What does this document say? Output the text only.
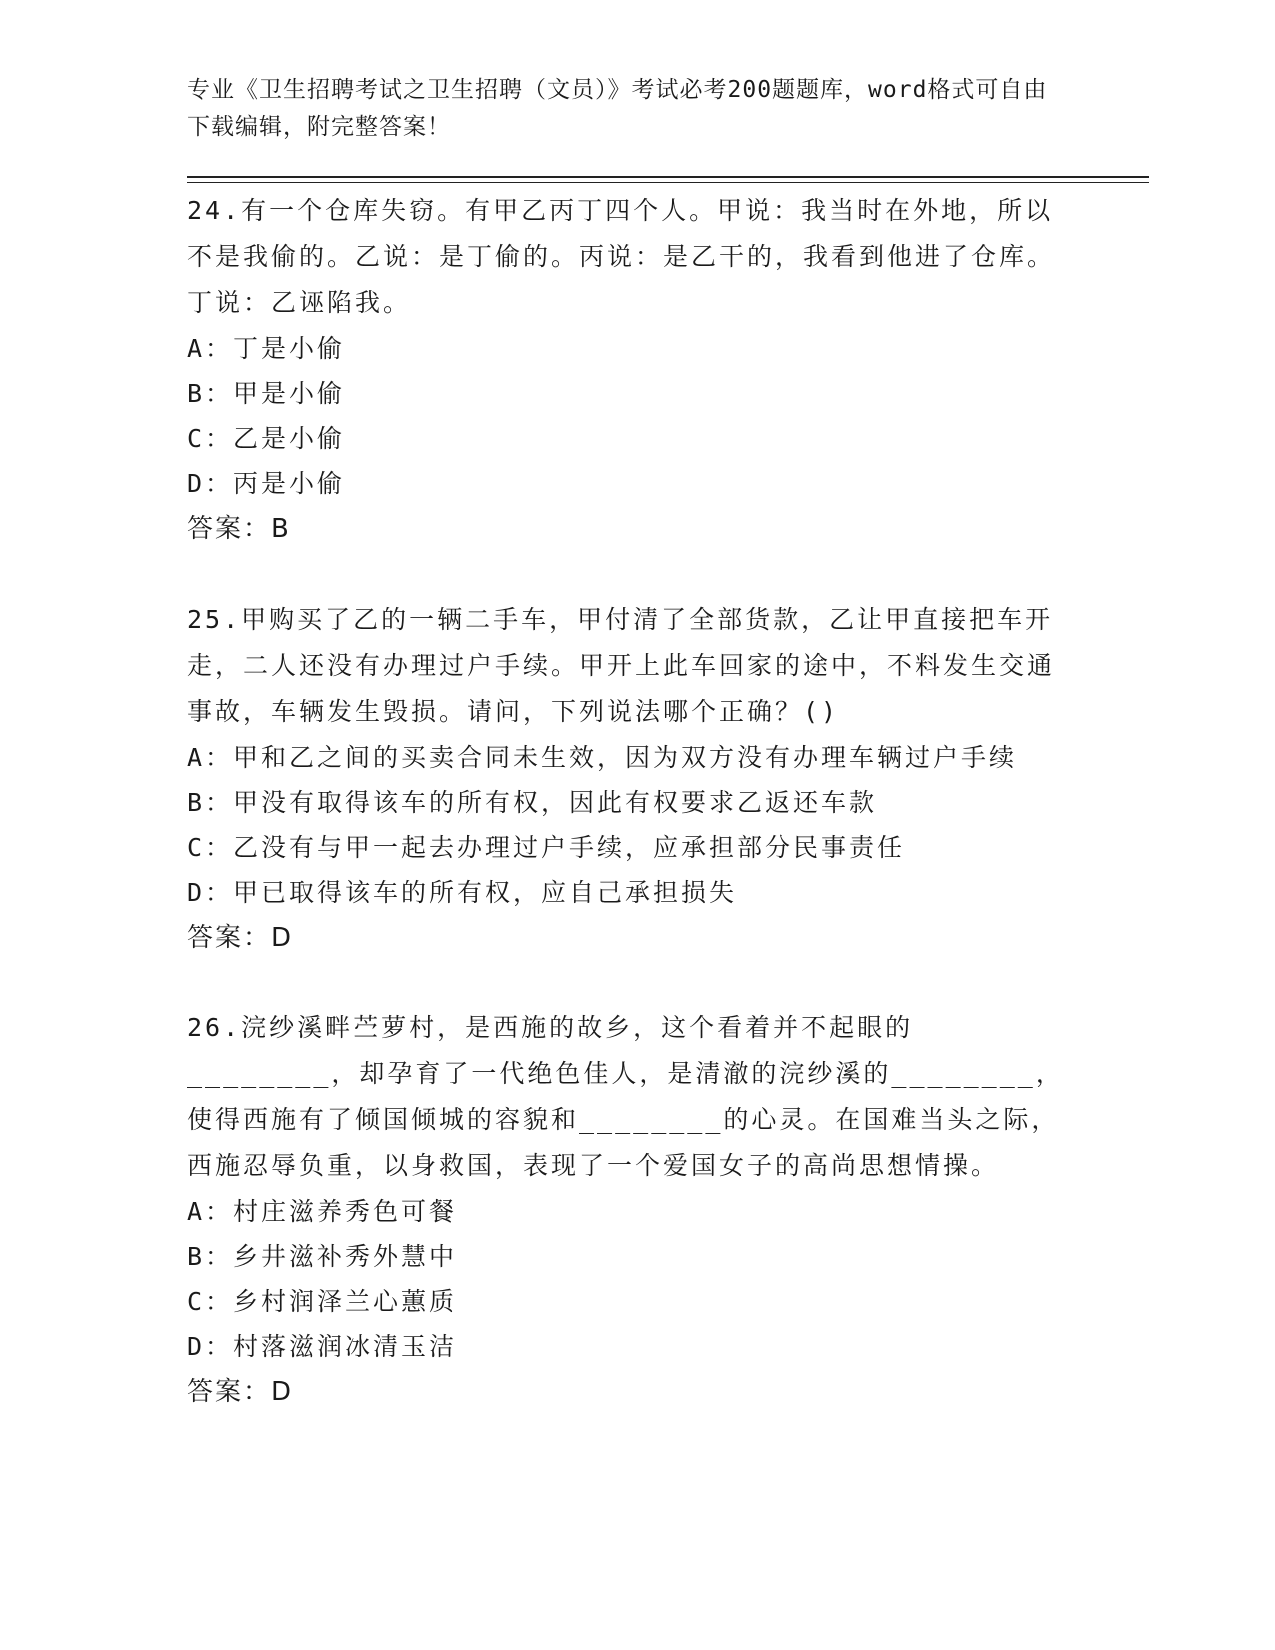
专业《卫生招聘考试之卫生招聘（文员）》考试必考200题题库，word格式可自由下载编辑，附完整答案！

24.有一个仓库失窃。有甲乙丙丁四个人。甲说：我当时在外地，所以不是我偷的。乙说：是丁偷的。丙说：是乙干的，我看到他进了仓库。丁说：乙诬陷我。

A：丁是小偷

B：甲是小偷

C：乙是小偷

D：丙是小偷

答案：B

25.甲购买了乙的一辆二手车，甲付清了全部货款，乙让甲直接把车开走，二人还没有办理过户手续。甲开上此车回家的途中，不料发生交通事故，车辆发生毁损。请问，下列说法哪个正确？()

A：甲和乙之间的买卖合同未生效，因为双方没有办理车辆过户手续

B：甲没有取得该车的所有权，因此有权要求乙返还车款

C：乙没有与甲一起去办理过户手续，应承担部分民事责任

D：甲已取得该车的所有权，应自己承担损失

答案：D

26.浣纱溪畔苎萝村，是西施的故乡，这个看着并不起眼的________，却孕育了一代绝色佳人，是清澈的浣纱溪的________，使得西施有了倾国倾城的容貌和________的心灵。在国难当头之际，西施忍辱负重，以身救国，表现了一个爱国女子的高尚思想情操。

A：村庄滋养秀色可餐

B：乡井滋补秀外慧中

C：乡村润泽兰心蕙质

D：村落滋润冰清玉洁

答案：D
